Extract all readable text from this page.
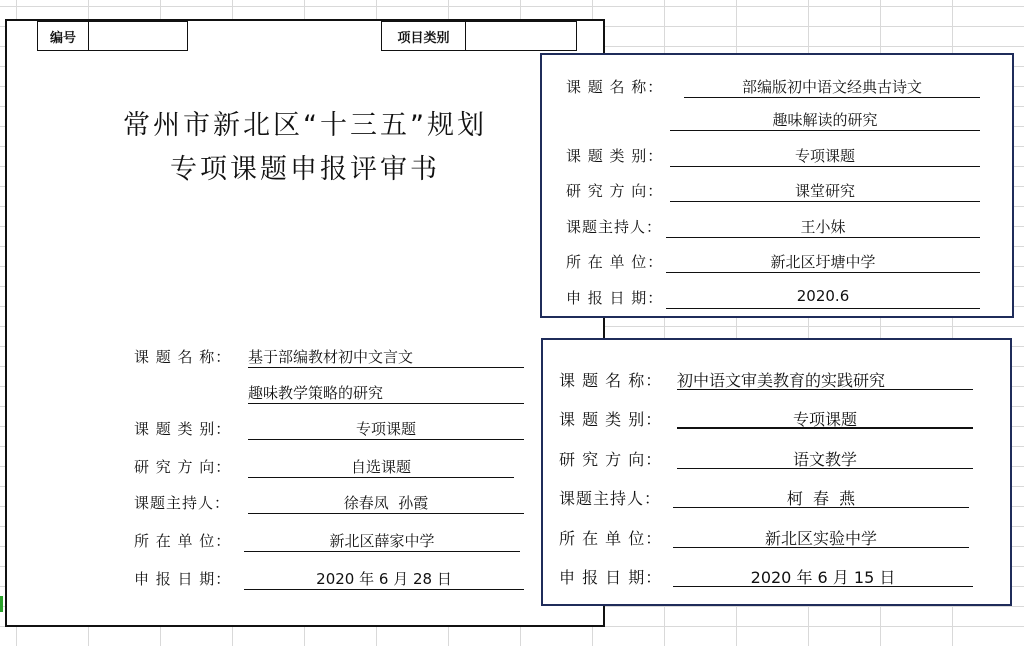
编号	项目类别
常州市新北区“十三五”规划
专项课题申报评审书
课 题 名 称： 基于部编教材初中文言文
趣味教学策略的研究
课 题 类 别：	专项课题
研 究 方 向：	自选课题
课题主持人：	徐春凤  孙霞
所 在 单 位：	新北区薛家中学
申 报 日 期：	2020 年 6 月 28 日
课 题 名 称：	部编版初中语文经典古诗文
趣味解读的研究
课 题 类 别：	专项课题
研 究 方 向：	课堂研究
课题主持人：	王小妹
所 在 单 位：	新北区圩塘中学
申 报 日 期：	2020.6
课 题 名 称： 初中语文审美教育的实践研究
课 题 类 别：	专项课题
研 究 方 向：	语文教学
课题主持人：	柯  春  燕
所 在 单 位：	新北区实验中学
申 报 日 期：	2020 年 6 月 15 日
